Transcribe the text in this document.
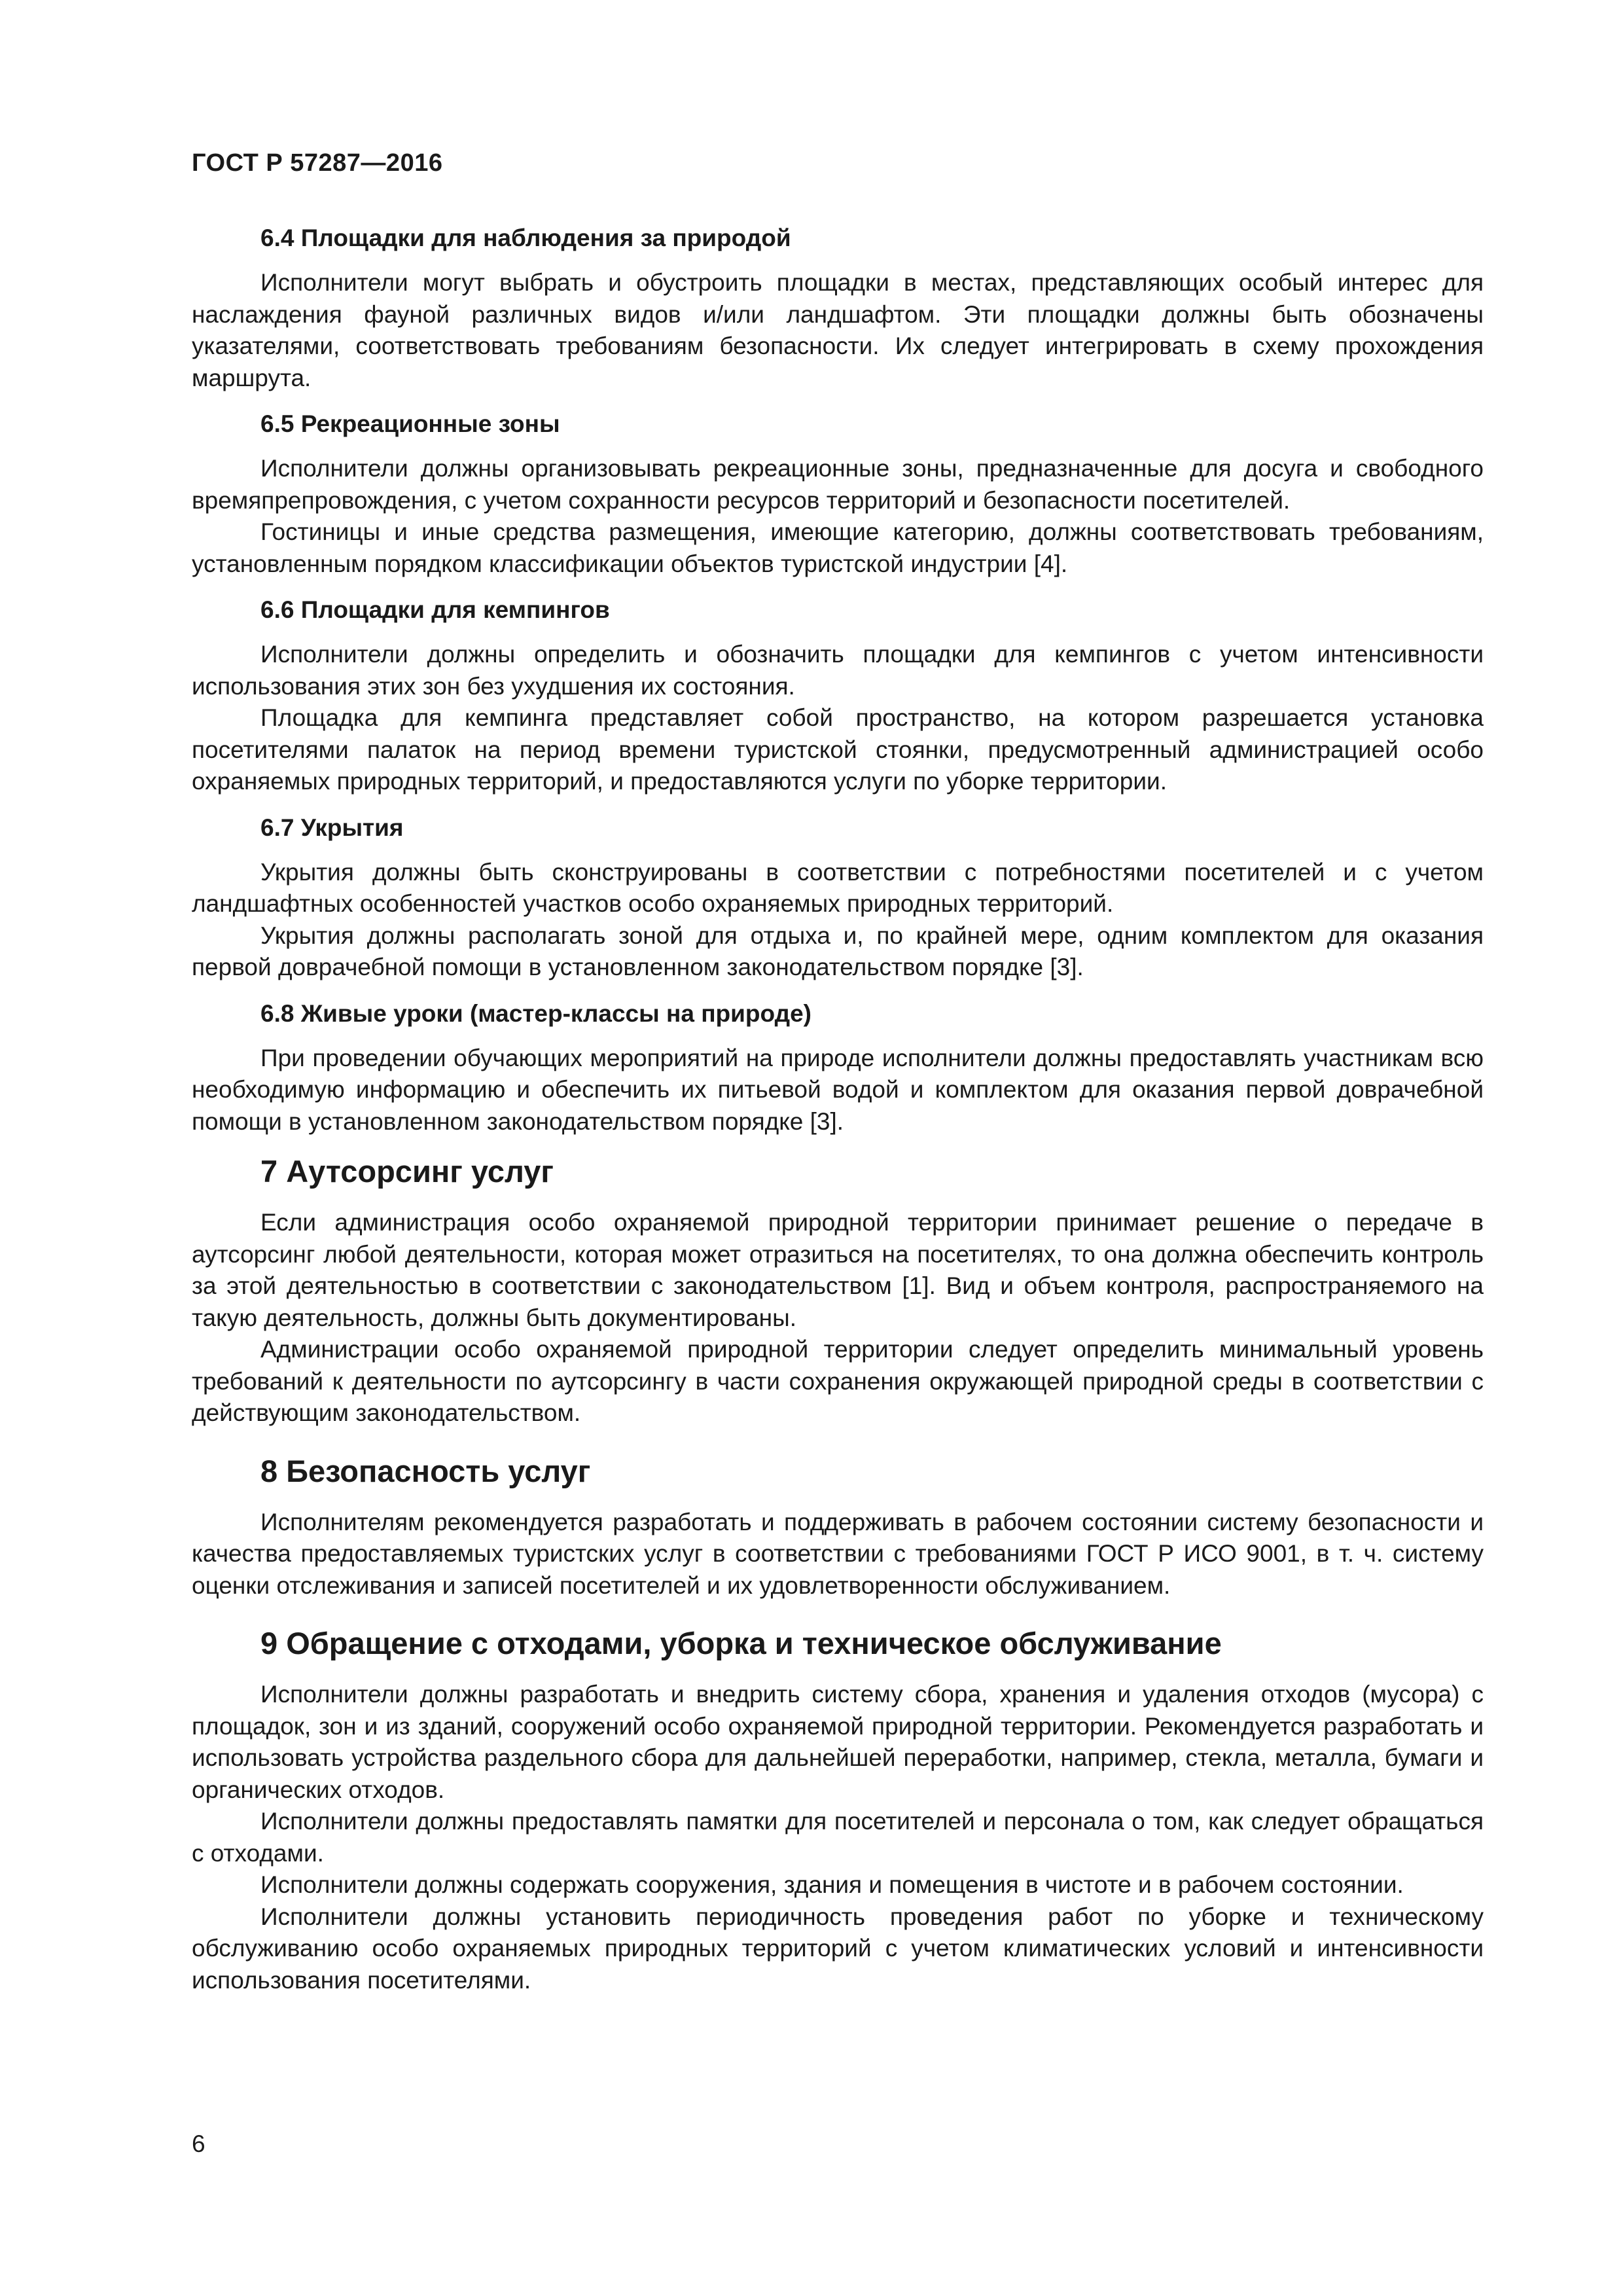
ГОСТ Р 57287—2016
6.4 Площадки для наблюдения за природой

Исполнители могут выбрать и обустроить площадки в местах, представляющих особый интерес для наслаждения фауной различных видов и/или ландшафтом. Эти площадки должны быть обозначены указателями, соответствовать требованиям безопасности. Их следует интегрировать в схему прохождения маршрута.

6.5 Рекреационные зоны

Исполнители должны организовывать рекреационные зоны, предназначенные для досуга и свободного времяпрепровождения, с учетом сохранности ресурсов территорий и безопасности посетителей.

Гостиницы и иные средства размещения, имеющие категорию, должны соответствовать требованиям, установленным порядком классификации объектов туристской индустрии [4].

6.6 Площадки для кемпингов

Исполнители должны определить и обозначить площадки для кемпингов с учетом интенсивности использования этих зон без ухудшения их состояния.

Площадка для кемпинга представляет собой пространство, на котором разрешается установка посетителями палаток на период времени туристской стоянки, предусмотренный администрацией особо охраняемых природных территорий, и предоставляются услуги по уборке территории.

6.7 Укрытия

Укрытия должны быть сконструированы в соответствии с потребностями посетителей и с учетом ландшафтных особенностей участков особо охраняемых природных территорий.

Укрытия должны располагать зоной для отдыха и, по крайней мере, одним комплектом для оказания первой доврачебной помощи в установленном законодательством порядке [3].

6.8 Живые уроки (мастер-классы на природе)

При проведении обучающих мероприятий на природе исполнители должны предоставлять участникам всю необходимую информацию и обеспечить их питьевой водой и комплектом для оказания первой доврачебной помощи в установленном законодательством порядке [3].

7 Аутсорсинг услуг

Если администрация особо охраняемой природной территории принимает решение о передаче в аутсорсинг любой деятельности, которая может отразиться на посетителях, то она должна обеспечить контроль за этой деятельностью в соответствии с законодательством [1]. Вид и объем контроля, распространяемого на такую деятельность, должны быть документированы.

Администрации особо охраняемой природной территории следует определить минимальный уровень требований к деятельности по аутсорсингу в части сохранения окружающей природной среды в соответствии с действующим законодательством.

8 Безопасность услуг

Исполнителям рекомендуется разработать и поддерживать в рабочем состоянии систему безопасности и качества предоставляемых туристских услуг в соответствии с требованиями ГОСТ Р ИСО 9001, в т. ч. систему оценки отслеживания и записей посетителей и их удовлетворенности обслуживанием.

9 Обращение с отходами, уборка и техническое обслуживание

Исполнители должны разработать и внедрить систему сбора, хранения и удаления отходов (мусора) с площадок, зон и из зданий, сооружений особо охраняемой природной территории. Рекомендуется разработать и использовать устройства раздельного сбора для дальнейшей переработки, например, стекла, металла, бумаги и органических отходов.

Исполнители должны предоставлять памятки для посетителей и персонала о том, как следует обращаться с отходами.

Исполнители должны содержать сооружения, здания и помещения в чистоте и в рабочем состоянии.

Исполнители должны установить периодичность проведения работ по уборке и техническому обслуживанию особо охраняемых природных территорий с учетом климатических условий и интенсивности использования посетителями.

6
